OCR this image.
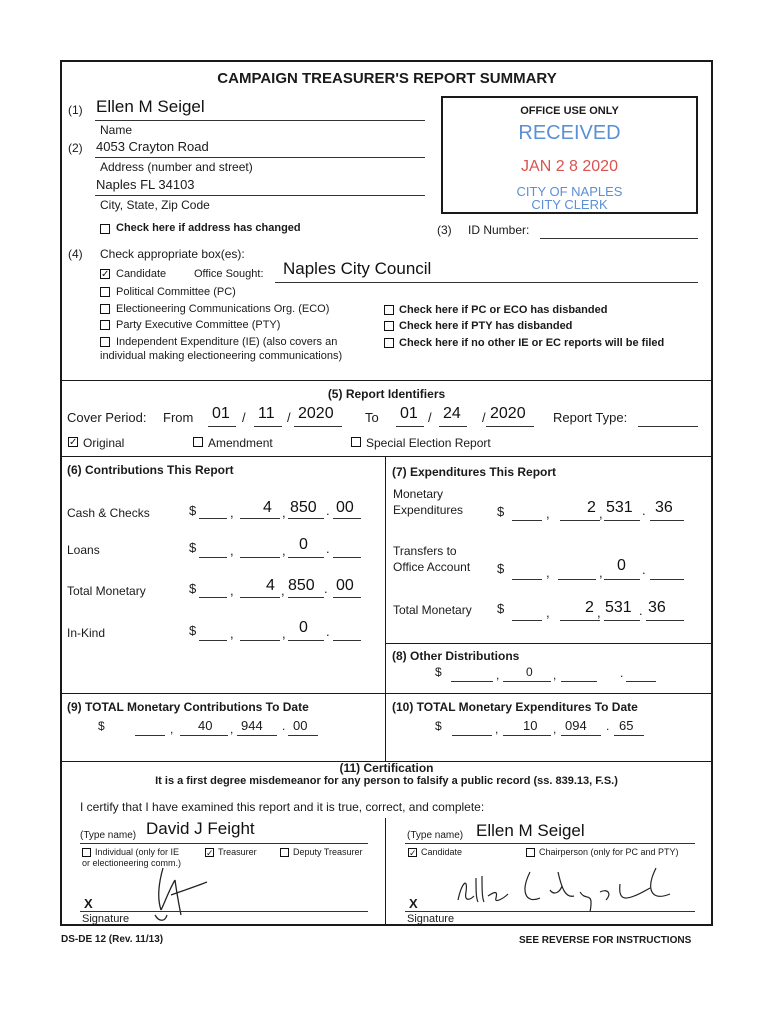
CAMPAIGN TREASURER'S REPORT SUMMARY
(1) Ellen M Seigel
Name
(2) 4053 Crayton Road
Address (number and street)
Naples FL 34103
City, State, Zip Code
Check here if address has changed
OFFICE USE ONLY
RECEIVED
JAN 2 8 2020
CITY OF NAPLES
CITY CLERK
(3) ID Number:
(4) Check appropriate box(es):
✓ Candidate	Office Sought: Naples City Council
Political Committee (PC)
Electioneering Communications Org. (ECO)
Party Executive Committee (PTY)
Independent Expenditure (IE) (also covers an
individual making electioneering communications)
Check here if PC or ECO has disbanded
Check here if PTY has disbanded
Check here if no other IE or EC reports will be filed
(5) Report Identifiers
Cover Period: From 01 / 11 / 2020 To 01 / 24 / 2020 Report Type:
✓ Original	Amendment	Special Election Report
(6) Contributions This Report
Cash & Checks	$	, 4 , 850 . 00
Loans	$	,	, 0 .
Total Monetary	$	, 4 , 850 . 00
In-Kind	$	,	, 0 .
(7) Expenditures This Report
Monetary
Expenditures	$	, 2 , 531 . 36
Transfers to
Office Account $	,	, 0 .
Total Monetary $	, 2 , 531 . 36
(8) Other Distributions
$	, 0 ,	.
(9) TOTAL Monetary Contributions To Date
$	, 40 , 944 . 00
(10) TOTAL Monetary Expenditures To Date
$	, 10 , 094 . 65
(11) Certification
It is a first degree misdemeanor for any person to falsify a public record (ss. 839.13, F.S.)
I certify that I have examined this report and it is true, correct, and complete:
(Type name) David J Feight
Individual (only for IE
or electioneering comm.)
✓ Treasurer	Deputy Treasurer
X
Signature
(Type name) Ellen M Seigel
✓ Candidate	Chairperson (only for PC and PTY)
X
Signature
DS-DE 12 (Rev. 11/13)	SEE REVERSE FOR INSTRUCTIONS
